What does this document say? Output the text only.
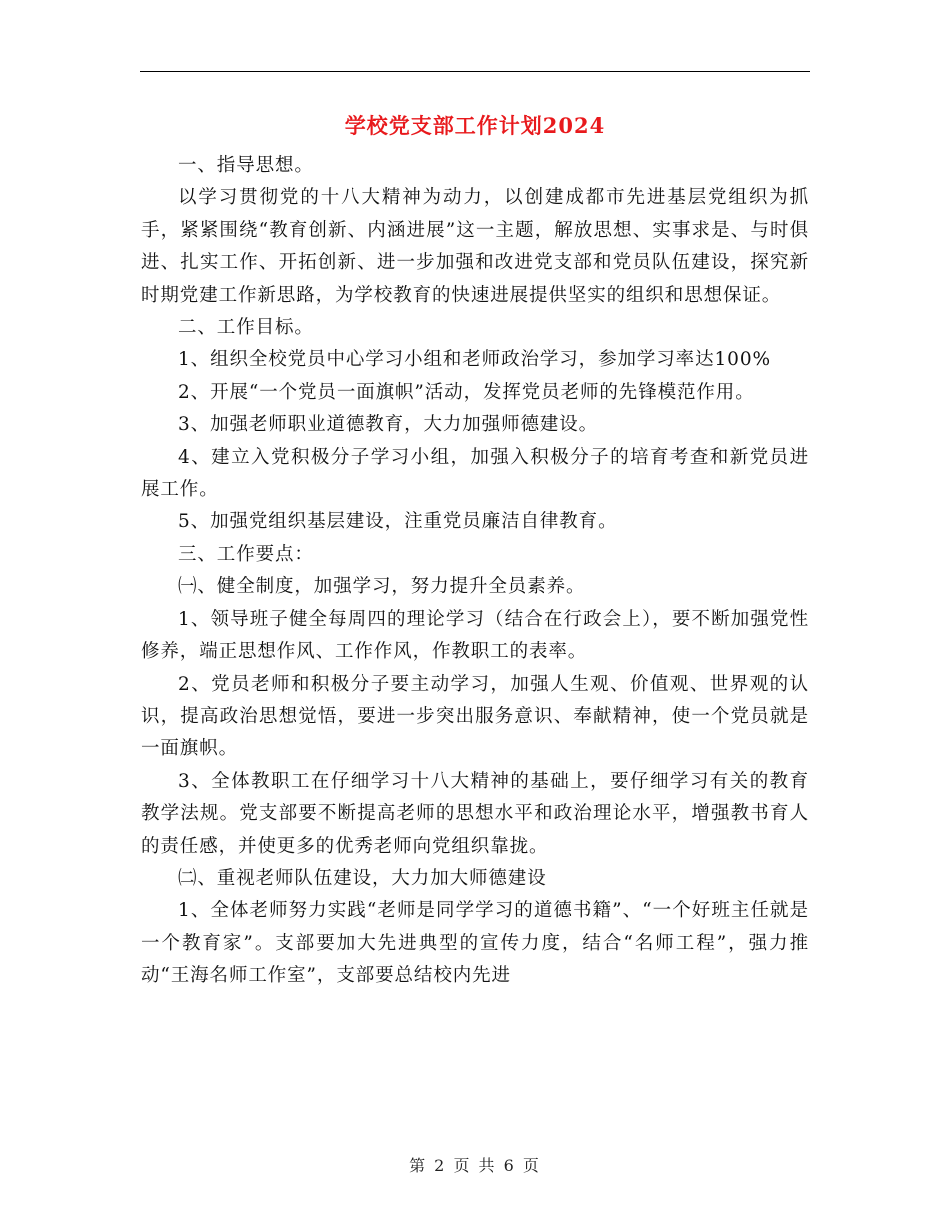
学校党支部工作计划2024

一、指导思想。

以学习贯彻党的十八大精神为动力，以创建成都市先进基层党组织为抓手，紧紧围绕“教育创新、内涵进展”这一主题，解放思想、实事求是、与时俱进、扎实工作、开拓创新、进一步加强和改进党支部和党员队伍建设，探究新时期党建工作新思路，为学校教育的快速进展提供坚实的组织和思想保证。

二、工作目标。

1、组织全校党员中心学习小组和老师政治学习，参加学习率达100%

2、开展“一个党员一面旗帜”活动，发挥党员老师的先锋模范作用。

3、加强老师职业道德教育，大力加强师德建设。

4、建立入党积极分子学习小组，加强入积极分子的培育考查和新党员进展工作。

5、加强党组织基层建设，注重党员廉洁自律教育。

三、工作要点：

㈠、健全制度，加强学习，努力提升全员素养。

1、领导班子健全每周四的理论学习（结合在行政会上），要不断加强党性修养，端正思想作风、工作作风，作教职工的表率。

2、党员老师和积极分子要主动学习，加强人生观、价值观、世界观的认识，提高政治思想觉悟，要进一步突出服务意识、奉献精神，使一个党员就是一面旗帜。

3、全体教职工在仔细学习十八大精神的基础上，要仔细学习有关的教育教学法规。党支部要不断提高老师的思想水平和政治理论水平，增强教书育人的责任感，并使更多的优秀老师向党组织靠拢。

㈡、重视老师队伍建设，大力加大师德建设

1、全体老师努力实践“老师是同学学习的道德书籍”、“一个好班主任就是一个教育家”。支部要加大先进典型的宣传力度，结合“名师工程”，强力推动“王海名师工作室”，支部要总结校内先进

第 2 页 共 6 页
